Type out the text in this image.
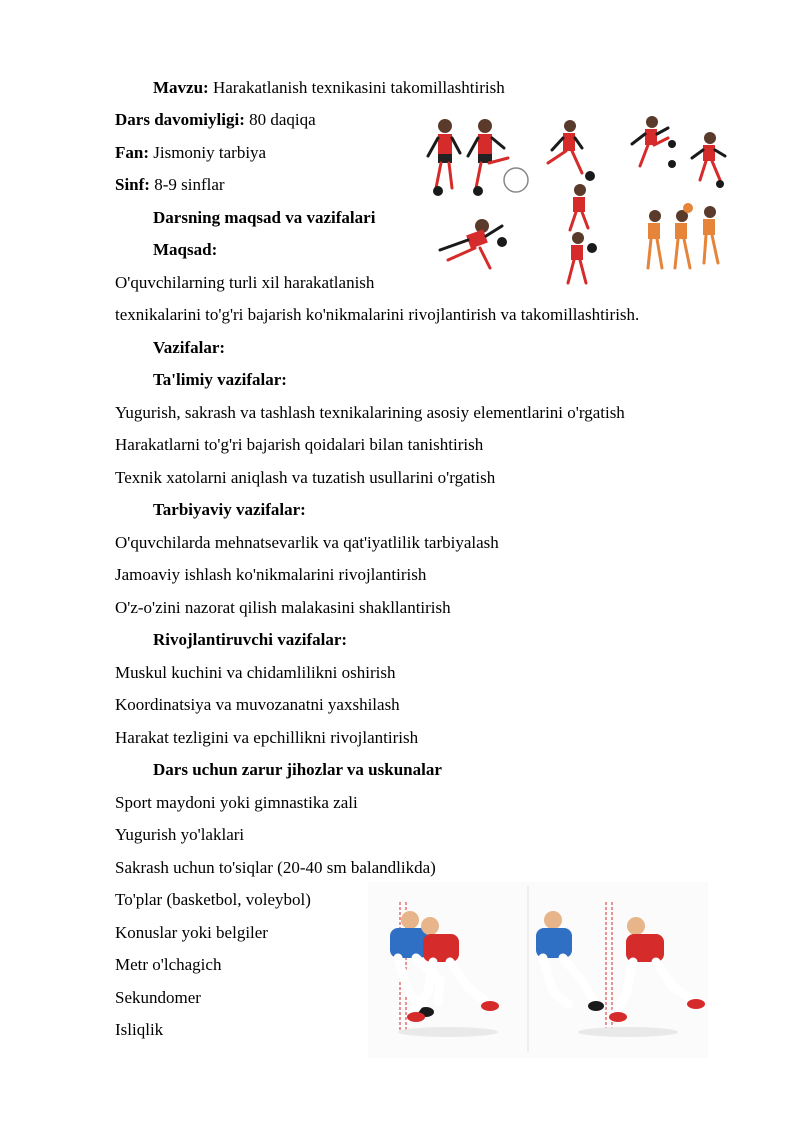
Mavzu: Harakatlanish texnikasini takomillashtirish
Dars davomiyligi: 80 daqiqa
Fan: Jismoniy tarbiya
Sinf: 8-9 sinflar
Darsning maqsad va vazifalari
Maqsad:
O'quvchilarning turli xil harakatlanish
texnikalarini to'g'ri bajarish ko'nikmalarini rivojlantirish va takomillashtirish.
Vazifalar:
Ta'limiy vazifalar:
Yugurish, sakrash va tashlash texnikalarining asosiy elementlarini o'rgatish
Harakatlarni to'g'ri bajarish qoidalari bilan tanishtirish
Texnik xatolarni aniqlash va tuzatish usullarini o'rgatish
Tarbiyaviy vazifalar:
O'quvchilarda mehnatsevarlik va qat'iyatlilik tarbiyalash
Jamoaviy ishlash ko'nikmalarini rivojlantirish
O'z-o'zini nazorat qilish malakasini shakllantirish
Rivojlantiruvchi vazifalar:
Muskul kuchini va chidamlilikni oshirish
Koordinatsiya va muvozanatni yaxshilash
Harakat tezligini va epchillikni rivojlantirish
Dars uchun zarur jihozlar va uskunalar
Sport maydoni yoki gimnastika zali
Yugurish yo'laklari
Sakrash uchun to'siqlar (20-40 sm balandlikda)
To'plar (basketbol, voleybol)
Konuslar yoki belgiler
Metr o'lchagich
Sekundomer
Isliqlik
